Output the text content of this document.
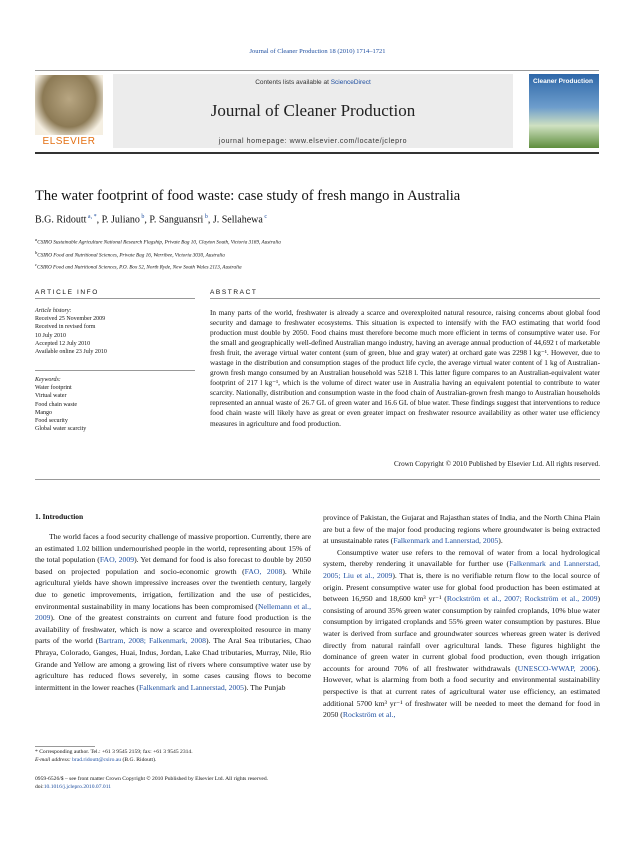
Journal of Cleaner Production 18 (2010) 1714–1721
ELSEVIER
Contents lists available at ScienceDirect
Journal of Cleaner Production
journal homepage: www.elsevier.com/locate/jclepro
Cleaner Production
The water footprint of food waste: case study of fresh mango in Australia
B.G. Ridoutt $^{a, *}$, P. Juliano $^b$, P. Sanguansri $^b$, J. Sellahewa $^c$
$^a$CSIRO Sustainable Agriculture National Research Flagship, Private Bag 10, Clayton South, Victoria 3169, Australia
$^b$CSIRO Food and Nutritional Sciences, Private Bag 16, Werribee, Victoria 3030, Australia
$^c$CSIRO Food and Nutritional Sciences, P.O. Box 52, North Ryde, New South Wales 2113, Australia
ARTICLE INFO	ABSTRACT
Article history:
Received 25 November 2009
Received in revised form
10 July 2010
Accepted 12 July 2010
Available online 23 July 2010
Keywords:
Water footprint
Virtual water
Food chain waste
Mango
Food security
Global water scarcity
In many parts of the world, freshwater is already a scarce and overexploited natural resource, raising concerns about global food security and damage to freshwater ecosystems. This situation is expected to intensify with the FAO estimating that world food production must double by 2050. Food chains must therefore become much more efficient in terms of consumptive water use. For the small and geographically well-defined Australian mango industry, having an average annual production of 44,692 t of marketable fresh fruit, the average virtual water content (sum of green, blue and gray water) at orchard gate was 2298 l kg⁻¹. However, due to wastage in the distribution and consumption stages of the product life cycle, the average virtual water content of 1 kg of Australian-grown fresh mango consumed by an Australian household was 5218 l. This latter figure compares to an Australian-equivalent water footprint of 217 l kg⁻¹, which is the volume of direct water use in Australia having an equivalent potential to contribute to water scarcity. Nationally, distribution and consumption waste in the food chain of Australian-grown fresh mango to Australian households represented an annual waste of 26.7 GL of green water and 16.6 GL of blue water. These findings suggest that interventions to reduce food chain waste will likely have as great or even greater impact on freshwater resource availability as other water use efficiency measures in agriculture and food production.
Crown Copyright © 2010 Published by Elsevier Ltd. All rights reserved.
1. Introduction
The world faces a food security challenge of massive proportion. Currently, there are an estimated 1.02 billion undernourished people in the world, representing about 15% of the total population (FAO, 2009). Yet demand for food is also forecast to double by 2050 based on projected population and socio-economic growth (FAO, 2008). While agricultural yields have shown impressive increases over the twentieth century, largely due to genetic improvements, irrigation, fertilization and the use of pesticides, environmental sustainability in many locations has been compromised (Nellemann et al., 2009). One of the greatest constraints on current and future food production is the availability of freshwater, which is now a scarce and overexploited resource in many parts of the world (Bartram, 2008; Falkenmark, 2008). The Aral Sea tributaries, Chao Phraya, Colorado, Ganges, Huai, Indus, Jordan, Lake Chad tributaries, Murray, Nile, Rio Grande and Yellow are among a growing list of rivers where consumptive water use by agriculture has reduced flows severely, in some cases causing flows to become intermittent in the lower reaches (Falkenmark and Lannerstad, 2005). The Punjab
province of Pakistan, the Gujarat and Rajasthan states of India, and the North China Plain are but a few of the major food producing regions where groundwater is being extracted at unsustainable rates (Falkenmark and Lannerstad, 2005).
Consumptive water use refers to the removal of water from a local hydrological system, thereby rendering it unavailable for further use (Falkenmark and Lannerstad, 2005; Liu et al., 2009). That is, there is no verifiable return flow to the local source of origin. Present consumptive water use for global food production has been estimated at between 16,950 and 18,600 km³ yr⁻¹ (Rockström et al., 2007; Rockström et al., 2009) consisting of around 35% green water consumption by rainfed croplands, 10% blue water consumption by irrigated croplands and 55% green water consumption by pastures. Blue water is derived from surface and groundwater sources whereas green water is derived directly from natural rainfall over agricultural lands. These figures highlight the dominance of green water in current global food production, even though irrigation accounts for around 70% of all freshwater withdrawals (UNESCO-WWAP, 2006). However, what is alarming from both a food security and environmental sustainability perspective is that at current rates of agricultural water use efficiency, an estimated additional 5700 km³ yr⁻¹ of freshwater will be needed to meet the demand for food in 2050 (Rockström et al.,
* Corresponding author. Tel.: +61 3 9545 2159; fax: +61 3 9545 2314.
E-mail address: brad.ridoutt@csiro.au (B.G. Ridoutt).
0959-6526/$ – see front matter Crown Copyright © 2010 Published by Elsevier Ltd. All rights reserved.
doi:10.1016/j.jclepro.2010.07.011
